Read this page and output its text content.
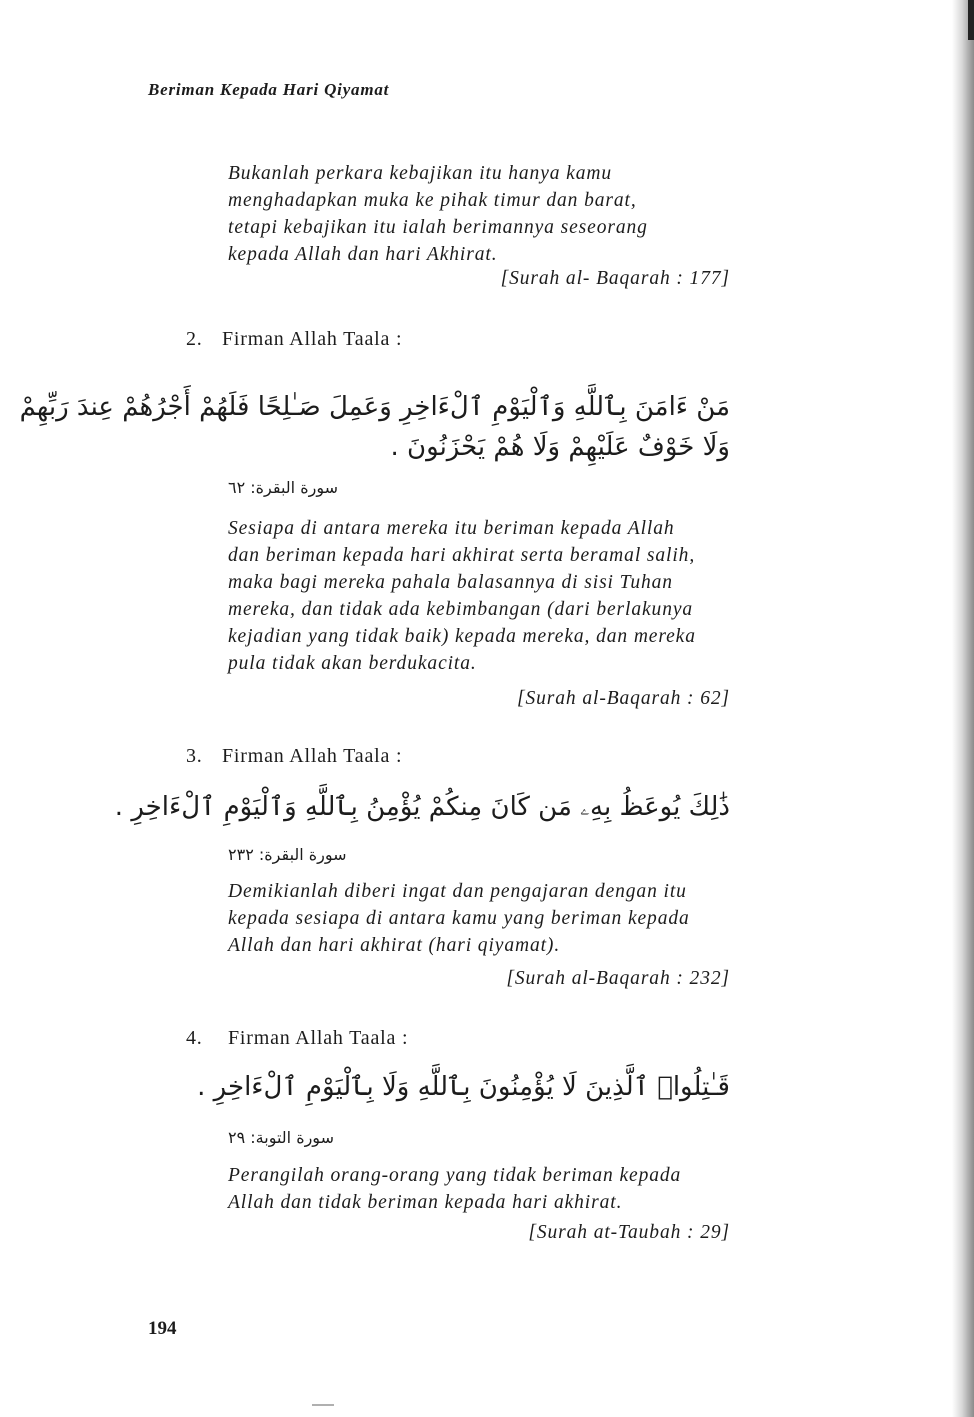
Beriman Kepada Hari Qiyamat
Bukanlah perkara kebajikan itu hanya kamu
menghadapkan muka ke pihak timur dan barat,
tetapi kebajikan itu ialah berimannya seseorang
kepada Allah dan hari Akhirat.
[Surah al- Baqarah : 177]
2. Firman Allah Taala :
مَنْ ءَامَنَ بِٱللَّهِ وَٱلْيَوْمِ ٱلْءَاخِرِ وَعَمِلَ صَـٰلِحًا فَلَهُمْ أَجْرُهُمْ عِندَ رَبِّهِمْ
وَلَا خَوْفٌ عَلَيْهِمْ وَلَا هُمْ يَحْزَنُونَ .
سورة البقرة: ٦٢
Sesiapa di antara mereka itu beriman kepada Allah
dan beriman kepada hari akhirat serta beramal salih,
maka bagi mereka pahala balasannya di sisi Tuhan
mereka, dan tidak ada kebimbangan (dari berlakunya
kejadian yang tidak baik) kepada mereka, dan mereka
pula tidak akan berdukacita.
[Surah al-Baqarah : 62]
3. Firman Allah Taala :
ذَٰلِكَ يُوعَظُ بِهِۦ مَن كَانَ مِنكُمْ يُؤْمِنُ بِٱللَّهِ وَٱلْيَوْمِ ٱلْءَاخِرِ .
سورة البقرة: ٢٣٢
Demikianlah diberi ingat dan pengajaran dengan itu
kepada sesiapa di antara kamu yang beriman kepada
Allah dan hari akhirat (hari qiyamat).
[Surah al-Baqarah : 232]
4. Firman Allah Taala :
قَـٰتِلُوا۟ ٱلَّذِينَ لَا يُؤْمِنُونَ بِٱللَّهِ وَلَا بِٱلْيَوْمِ ٱلْءَاخِرِ .
سورة التوبة: ٢٩
Perangilah orang-orang yang tidak beriman kepada
Allah dan tidak beriman kepada hari akhirat.
[Surah at-Taubah : 29]
194
